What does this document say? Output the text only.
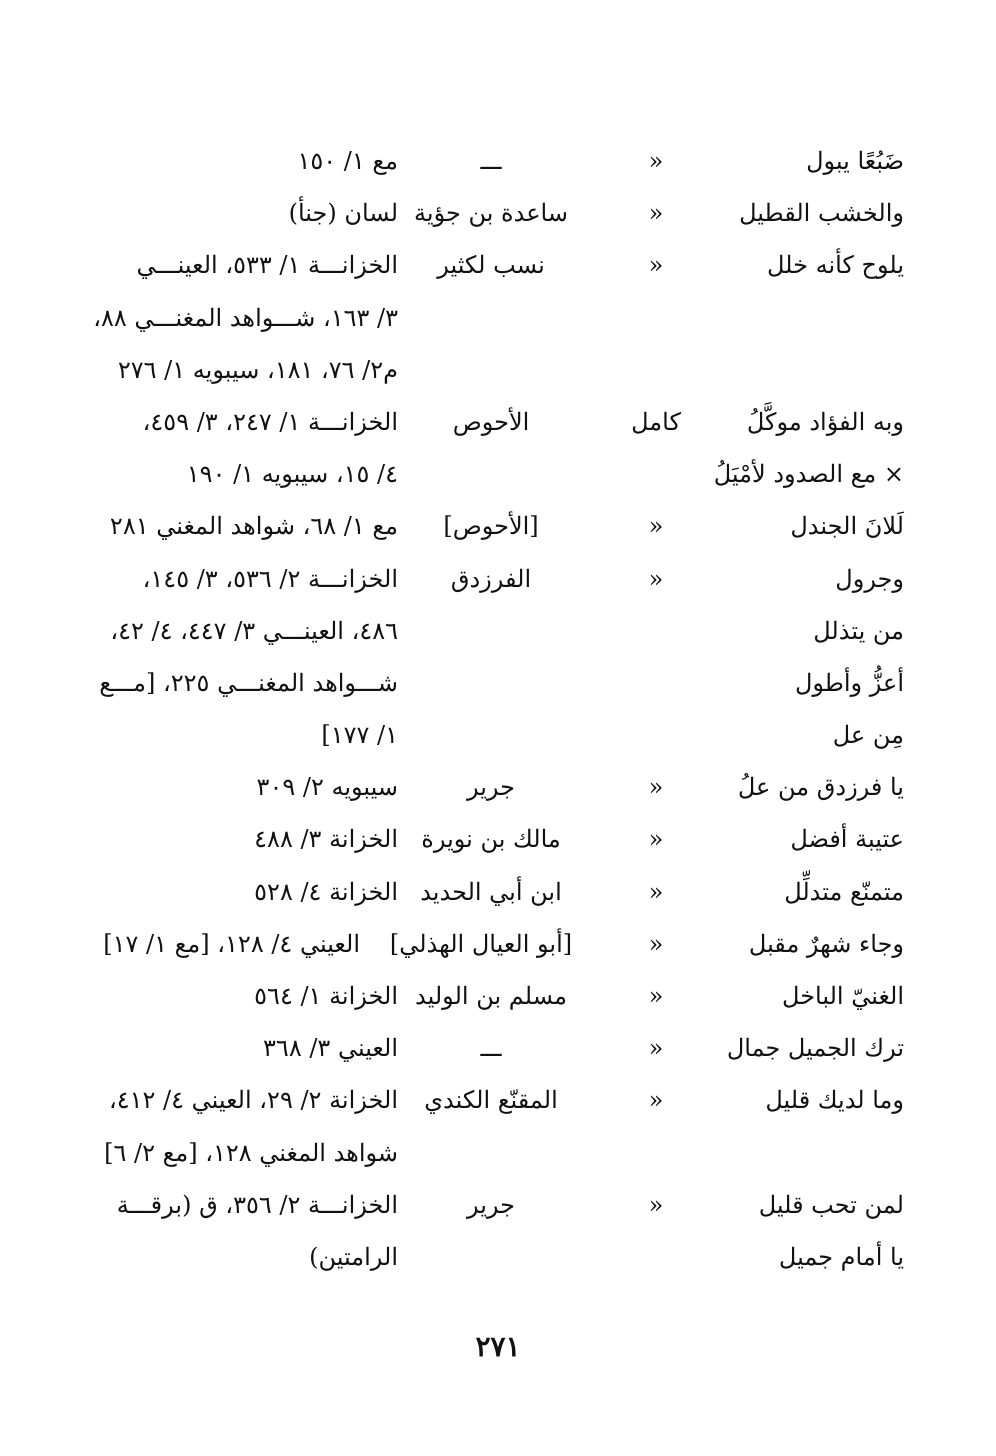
ضَبُعًا يبول
«
ـــ
مع ١/ ١٥٠
والخشب القطيل
«
ساعدة بن جؤية
لسان (جنأ)
يلوح كأنه خلل
«
نسب لكثير
الخزانـــة ١/ ٥٣٣، العينـــي
٣/ ١٦٣، شـــواهد المغنـــي ٨٨،
م٢/ ٧٦، ١٨١، سيبويه ١/ ٢٧٦
وبه الفؤاد موكَّلُ
كامل
الأحوص
الخزانـــة ١/ ٢٤٧، ٣/ ٤٥٩،
× مع الصدود لأمْيَلُ
٤/ ١٥، سيبويه ١/ ١٩٠
لَلانَ الجندل
«
[الأحوص]
مع ١/ ٦٨، شواهد المغني ٢٨١
وجرول
«
الفرزدق
الخزانـــة ٢/ ٥٣٦، ٣/ ١٤٥،
من يتذلل
٤٨٦، العينـــي ٣/ ٤٤٧، ٤/ ٤٢،
أعزُّ وأطول
شـــواهد المغنـــي ٢٢٥، [مـــع
مِن عل
١/ ١٧٧]
يا فرزدق من علُ
«
جرير
سيبويه ٢/ ٣٠٩
عتيبة أفضل
«
مالك بن نويرة
الخزانة ٣/ ٤٨٨
متمنّع متدلِّل
«
ابن أبي الحديد
الخزانة ٤/ ٥٢٨
وجاء شهرٌ مقبل
«
[أبو العيال الهذلي]
العيني ٤/ ١٢٨، [مع ١/ ١٧]
الغنيّ الباخل
«
مسلم بن الوليد
الخزانة ١/ ٥٦٤
ترك الجميل جمال
«
ـــ
العيني ٣/ ٣٦٨
وما لديك قليل
«
المقنّع الكندي
الخزانة ٢/ ٢٩، العيني ٤/ ٤١٢،
شواهد المغني ١٢٨، [مع ٢/ ٦]
لمن تحب قليل
«
جرير
الخزانـــة ٢/ ٣٥٦، ق (برقـــة
يا أمام جميل
الرامتين)
٢٧١
